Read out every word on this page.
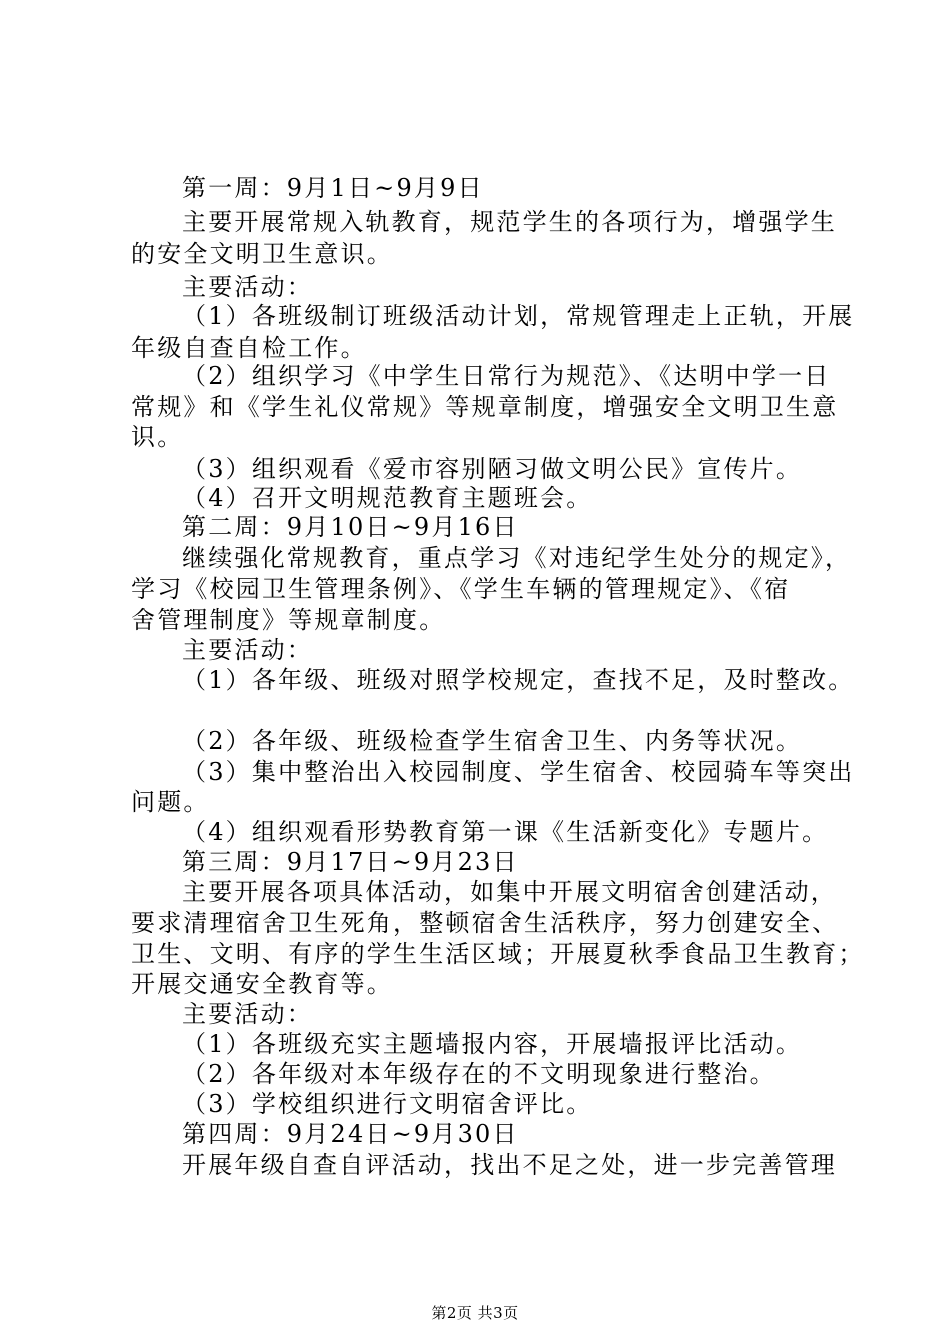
第一周：9月1日~9月9日
主要开展常规入轨教育，规范学生的各项行为，增强学生
的安全文明卫生意识。
主要活动：
（1）各班级制订班级活动计划，常规管理走上正轨，开展
年级自查自检工作。
（2）组织学习《中学生日常行为规范》、《达明中学一日
常规》和《学生礼仪常规》等规章制度，增强安全文明卫生意
识。
（3）组织观看《爱市容别陋习做文明公民》宣传片。
（4）召开文明规范教育主题班会。
第二周：9月10日~9月16日
继续强化常规教育，重点学习《对违纪学生处分的规定》，
学习《校园卫生管理条例》、《学生车辆的管理规定》、《宿
舍管理制度》等规章制度。
主要活动：
（1）各年级、班级对照学校规定，查找不足，及时整改。
（2）各年级、班级检查学生宿舍卫生、内务等状况。
（3）集中整治出入校园制度、学生宿舍、校园骑车等突出
问题。
（4）组织观看形势教育第一课《生活新变化》专题片。
第三周：9月17日~9月23日
主要开展各项具体活动，如集中开展文明宿舍创建活动，
要求清理宿舍卫生死角，整顿宿舍生活秩序，努力创建安全、
卫生、文明、有序的学生生活区域；开展夏秋季食品卫生教育；
开展交通安全教育等。
主要活动：
（1）各班级充实主题墙报内容，开展墙报评比活动。
（2）各年级对本年级存在的不文明现象进行整治。
（3）学校组织进行文明宿舍评比。
第四周：9月24日~9月30日
开展年级自查自评活动，找出不足之处，进一步完善管理
第2页 共3页
